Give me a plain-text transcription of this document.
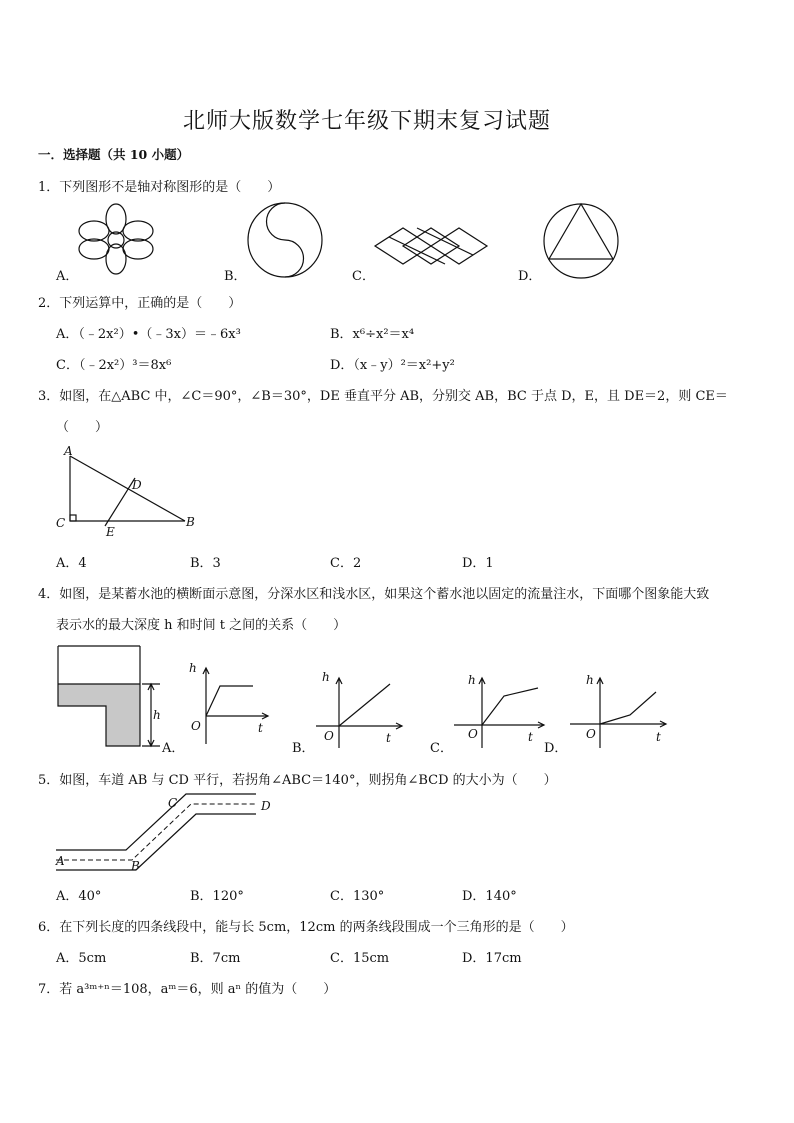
北师大版数学七年级下期末复习试题
一．选择题（共 10 小题）
1．下列图形不是轴对称图形的是（　　）
A．	B．	C．	D．
2．下列运算中，正确的是（　　）
A．（﹣2x²）•（﹣3x）＝﹣6x³	B．x⁶÷x²＝x⁴
C．（﹣2x²）³＝8x⁶	D．（x﹣y）²＝x²+y²
3．如图，在△ABC 中，∠C＝90°，∠B＝30°，DE 垂直平分 AB，分别交 AB，BC 于点 D，E，且 DE＝2，则 CE＝
（　　）
A
C	B
D
E
A．4	B．3	C．2	D．1
4．如图，是某蓄水池的横断面示意图，分深水区和浅水区，如果这个蓄水池以固定的流量注水，下面哪个图象能大致
表示水的最大深度 h 和时间 t 之间的关系（　　）
h
A．
h
O	t
B．
h
O	t
C．
h
O	t
D．
h
O	t
5．如图，车道 AB 与 CD 平行，若拐角∠ABC＝140°，则拐角∠BCD 的大小为（　　）
A	B
C	D
A．40°	B．120°	C．130°	D．140°
6．在下列长度的四条线段中，能与长 5cm，12cm 的两条线段围成一个三角形的是（　　）
A．5cm	B．7cm	C．15cm	D．17cm
7．若 a³ᵐ⁺ⁿ＝108，aᵐ＝6，则 aⁿ 的值为（　　）
